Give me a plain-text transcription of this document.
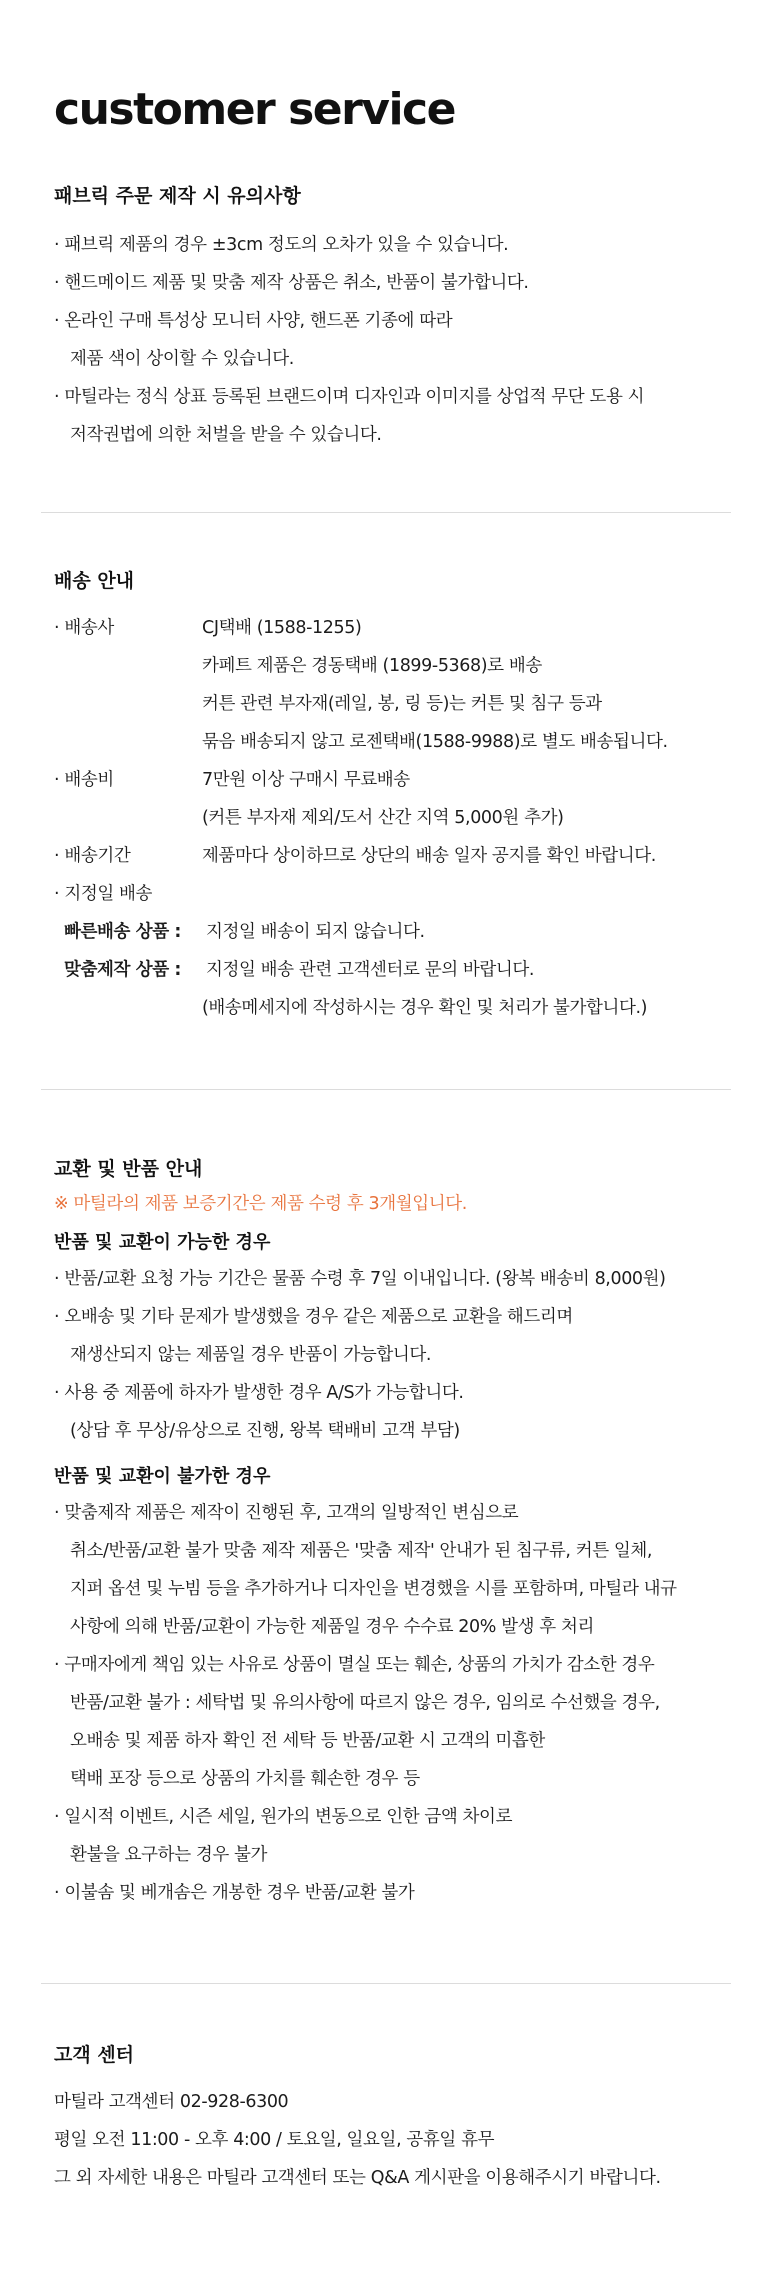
customer service
패브릭 주문 제작 시 유의사항
· 패브릭 제품의 경우 ±3cm 정도의 오차가 있을 수 있습니다.
· 핸드메이드 제품 및 맞춤 제작 상품은 취소, 반품이 불가합니다.
· 온라인 구매 특성상 모니터 사양, 핸드폰 기종에 따라
제품 색이 상이할 수 있습니다.
· 마틸라는 정식 상표 등록된 브랜드이며 디자인과 이미지를 상업적 무단 도용 시
저작권법에 의한 처벌을 받을 수 있습니다.
배송 안내
· 배송사	CJ택배 (1588-1255)
카페트 제품은 경동택배 (1899-5368)로 배송
커튼 관련 부자재(레일, 봉, 링 등)는 커튼 및 침구 등과
묶음 배송되지 않고 로젠택배(1588-9988)로 별도 배송됩니다.
· 배송비	7만원 이상 구매시 무료배송
(커튼 부자재 제외/도서 산간 지역 5,000원 추가)
· 배송기간	제품마다 상이하므로 상단의 배송 일자 공지를 확인 바랍니다.
· 지정일 배송
빠른배송 상품 :	지정일 배송이 되지 않습니다.
맞춤제작 상품 :	지정일 배송 관련 고객센터로 문의 바랍니다.
(배송메세지에 작성하시는 경우 확인 및 처리가 불가합니다.)
교환 및 반품 안내
※ 마틸라의 제품 보증기간은 제품 수령 후 3개월입니다.
반품 및 교환이 가능한 경우
· 반품/교환 요청 가능 기간은 물품 수령 후 7일 이내입니다. (왕복 배송비 8,000원)
· 오배송 및 기타 문제가 발생했을 경우 같은 제품으로 교환을 해드리며
재생산되지 않는 제품일 경우 반품이 가능합니다.
· 사용 중 제품에 하자가 발생한 경우 A/S가 가능합니다.
(상담 후 무상/유상으로 진행, 왕복 택배비 고객 부담)
반품 및 교환이 불가한 경우
· 맞춤제작 제품은 제작이 진행된 후, 고객의 일방적인 변심으로
취소/반품/교환 불가 맞춤 제작 제품은 '맞춤 제작' 안내가 된 침구류, 커튼 일체,
지퍼 옵션 및 누빔 등을 추가하거나 디자인을 변경했을 시를 포함하며, 마틸라 내규
사항에 의해 반품/교환이 가능한 제품일 경우 수수료 20% 발생 후 처리
· 구매자에게 책임 있는 사유로 상품이 멸실 또는 훼손, 상품의 가치가 감소한 경우
반품/교환 불가 : 세탁법 및 유의사항에 따르지 않은 경우, 임의로 수선했을 경우,
오배송 및 제품 하자 확인 전 세탁 등 반품/교환 시 고객의 미흡한
택배 포장 등으로 상품의 가치를 훼손한 경우 등
· 일시적 이벤트, 시즌 세일, 원가의 변동으로 인한 금액 차이로
환불을 요구하는 경우 불가
· 이불솜 및 베개솜은 개봉한 경우 반품/교환 불가
고객 센터
마틸라 고객센터 02-928-6300
평일 오전 11:00 - 오후 4:00 / 토요일, 일요일, 공휴일 휴무
그 외 자세한 내용은 마틸라 고객센터 또는 Q&A 게시판을 이용해주시기 바랍니다.
